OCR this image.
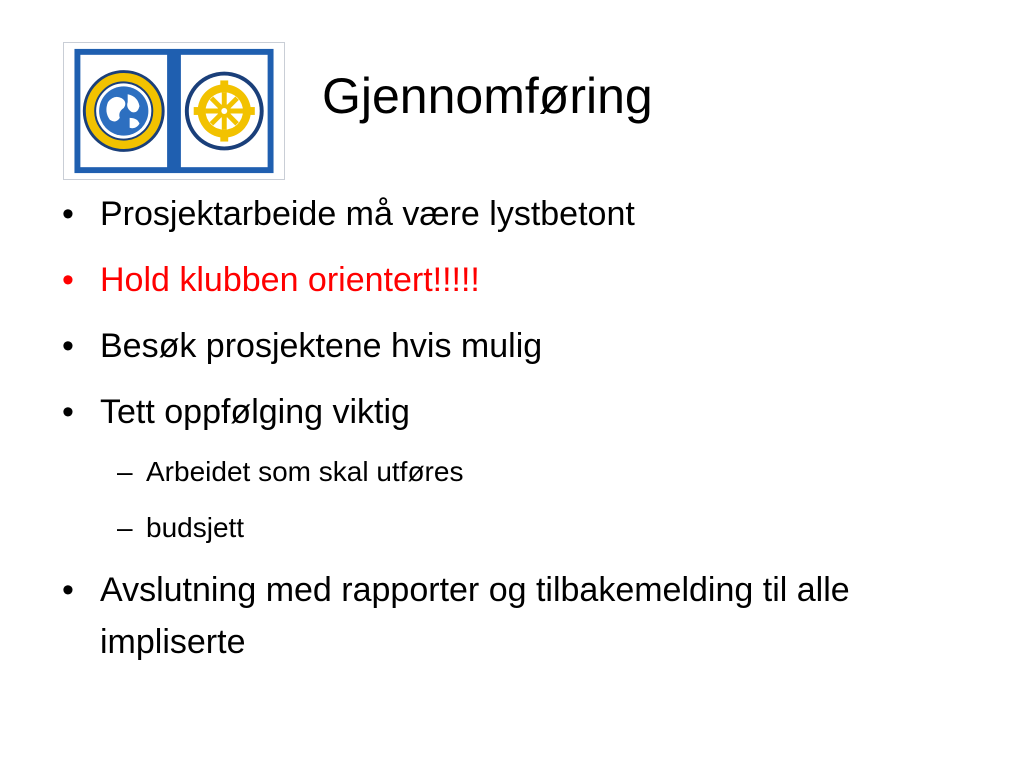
Gjennomføring
• Prosjektarbeide må være lystbetont
• Hold klubben orientert!!!!!
• Besøk prosjektene hvis mulig
• Tett oppfølging viktig
– Arbeidet som skal utføres
– budsjett
• Avslutning med rapporter og tilbakemelding til alle impliserte
